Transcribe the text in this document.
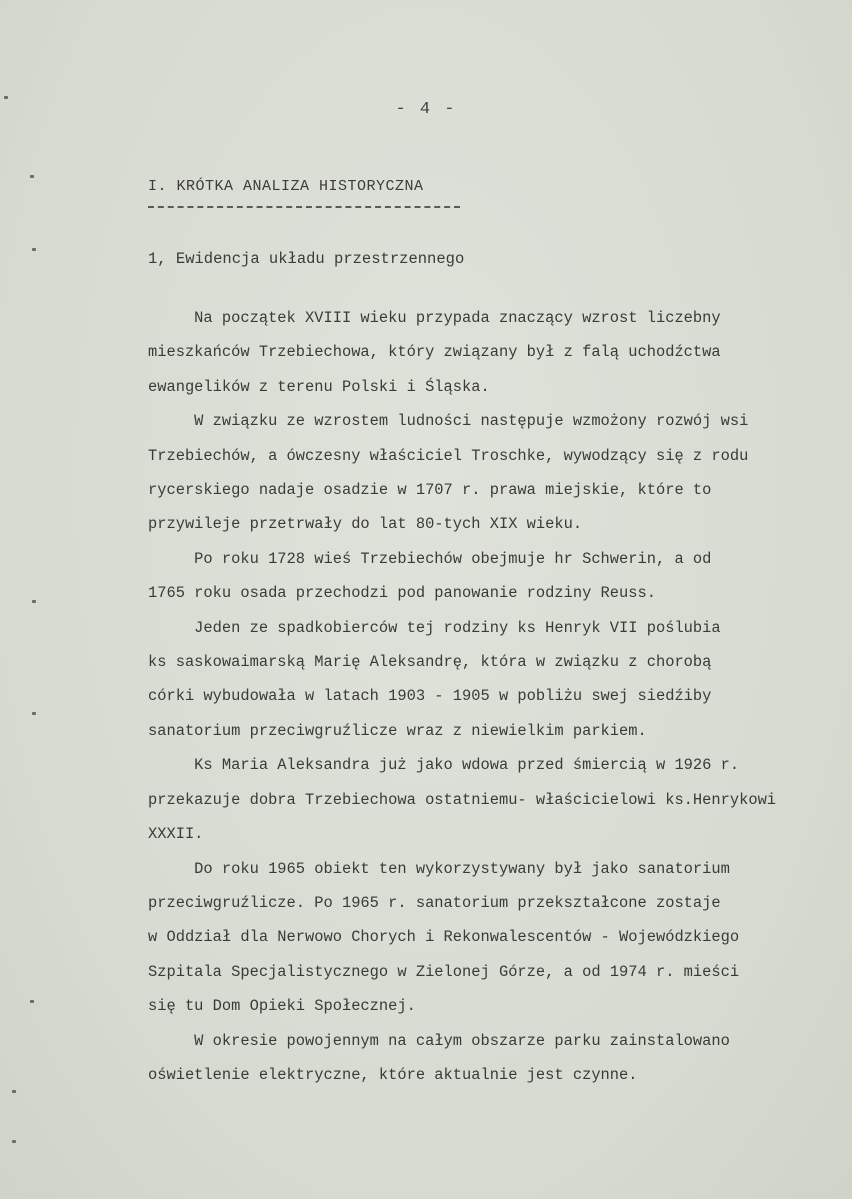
- 4 -
I. KRÓTKA ANALIZA HISTORYCZNA
1, Ewidencja układu przestrzennego
Na początek XVIII wieku przypada znaczący wzrost liczebny
mieszkańców Trzebiechowa, który związany był z falą uchodźctwa
ewangelików z terenu Polski i Śląska.
W związku ze wzrostem ludności następuje wzmożony rozwój wsi
Trzebiechów, a ówczesny właściciel Troschke, wywodzący się z rodu
rycerskiego nadaje osadzie w 1707 r. prawa miejskie, które to
przywileje przetrwały do lat 80-tych XIX wieku.
Po roku 1728 wieś Trzebiechów obejmuje hr Schwerin, a od
1765 roku osada przechodzi pod panowanie rodziny Reuss.
Jeden ze spadkobierców tej rodziny ks Henryk VII poślubia
ks saskowaimarską Marię Aleksandrę, która w związku z chorobą
córki wybudowała w latach 1903 - 1905 w pobliżu swej siedźiby
sanatorium przeciwgruźlicze wraz z niewielkim parkiem.
Ks Maria Aleksandra już jako wdowa przed śmiercią w 1926 r.
przekazuje dobra Trzebiechowa ostatniemu- właścicielowi ks.Henrykowi
XXXII.
Do roku 1965 obiekt ten wykorzystywany był jako sanatorium
przeciwgruźlicze. Po 1965 r. sanatorium przekształcone zostaje
w Oddział dla Nerwowo Chorych i Rekonwalescentów - Wojewódzkiego
Szpitala Specjalistycznego w Zielonej Górze, a od 1974 r. mieści
się tu Dom Opieki Społecznej.
W okresie powojennym na całym obszarze parku zainstalowano
oświetlenie elektryczne, które aktualnie jest czynne.
